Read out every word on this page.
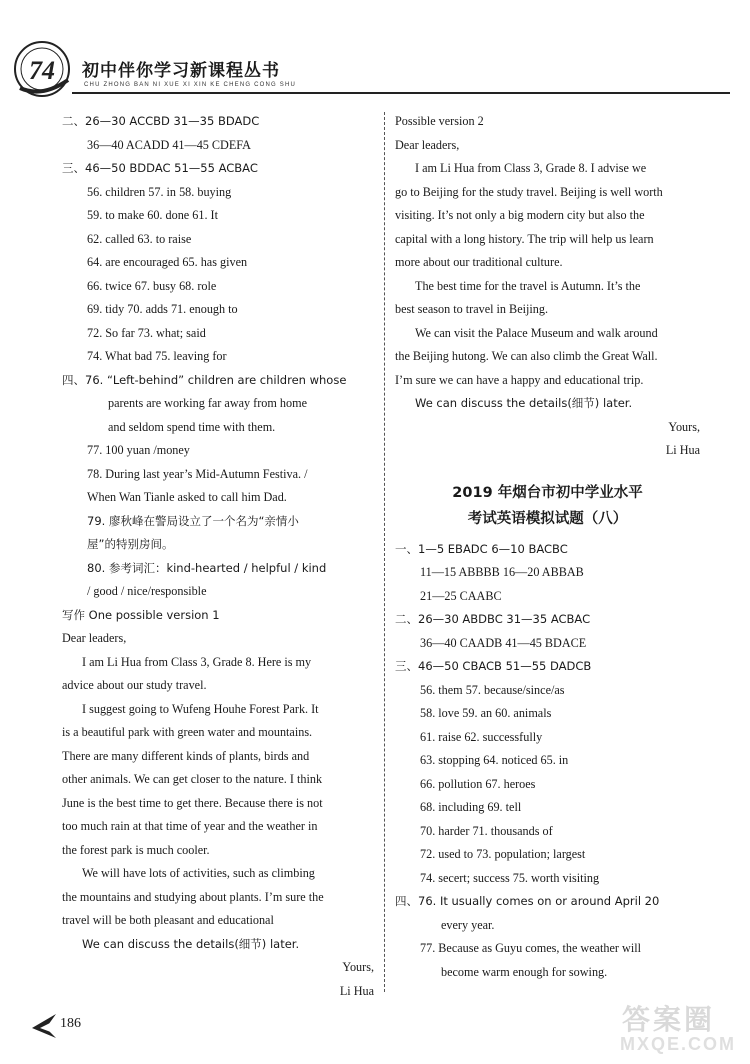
74 初中伴你学习新课程丛书
CHU ZHONG BAN NI XUE XI XIN KE CHENG CONG SHU
二、26—30 ACCBD 31—35 BDADC
36—40 ACADD 41—45 CDEFA
三、46—50 BDDAC 51—55 ACBAC
56. children 57. in 58. buying
59. to make 60. done 61. It
62. called 63. to raise
64. are encouraged 65. has given
66. twice 67. busy 68. role
69. tidy 70. adds 71. enough to
72. So far 73. what; said
74. What bad 75. leaving for
四、76. “Left-behind” children are children whose
parents are working far away from home
and seldom spend time with them.
77. 100 yuan /money
78. During last year’s Mid-Autumn Festiva. /
When Wan Tianle asked to call him Dad.
79. 廖秋峰在警局设立了一个名为“亲情小
屋”的特别房间。
80. 参考词汇：kind-hearted / helpful / kind
/ good / nice/responsible
写作 One possible version 1
Dear leaders,
I am Li Hua from Class 3, Grade 8. Here is my
advice about our study travel.
I suggest going to Wufeng Houhe Forest Park. It
is a beautiful park with green water and mountains.
There are many different kinds of plants, birds and
other animals. We can get closer to the nature. I think
June is the best time to get there. Because there is not
too much rain at that time of year and the weather in
the forest park is much cooler.
We will have lots of activities, such as climbing
the mountains and studying about plants. I’m sure the
travel will be both pleasant and educational
We can discuss the details(细节) later.
Yours,
Li Hua
Possible version 2
Dear leaders,
I am Li Hua from Class 3, Grade 8. I advise we
go to Beijing for the study travel. Beijing is well worth
visiting. It’s not only a big modern city but also the
capital with a long history. The trip will help us learn
more about our traditional culture.
The best time for the travel is Autumn. It’s the
best season to travel in Beijing.
We can visit the Palace Museum and walk around
the Beijing hutong. We can also climb the Great Wall.
I’m sure we can have a happy and educational trip.
We can discuss the details(细节) later.
Yours,
Li Hua
2019 年烟台市初中学业水平
考试英语模拟试题（八）
一、1—5 EBADC 6—10 BACBC
11—15 ABBBB 16—20 ABBAB
21—25 CAABC
二、26—30 ABDBC 31—35 ACBAC
36—40 CAADB 41—45 BDACE
三、46—50 CBACB 51—55 DADCB
56. them 57. because/since/as
58. love 59. an 60. animals
61. raise 62. successfully
63. stopping 64. noticed 65. in
66. pollution 67. heroes
68. including 69. tell
70. harder 71. thousands of
72. used to 73. population; largest
74. secert; success 75. worth visiting
四、76. It usually comes on or around April 20
every year.
77. Because as Guyu comes, the weather will
become warm enough for sowing.
186	答案圈
MXQE.COM
